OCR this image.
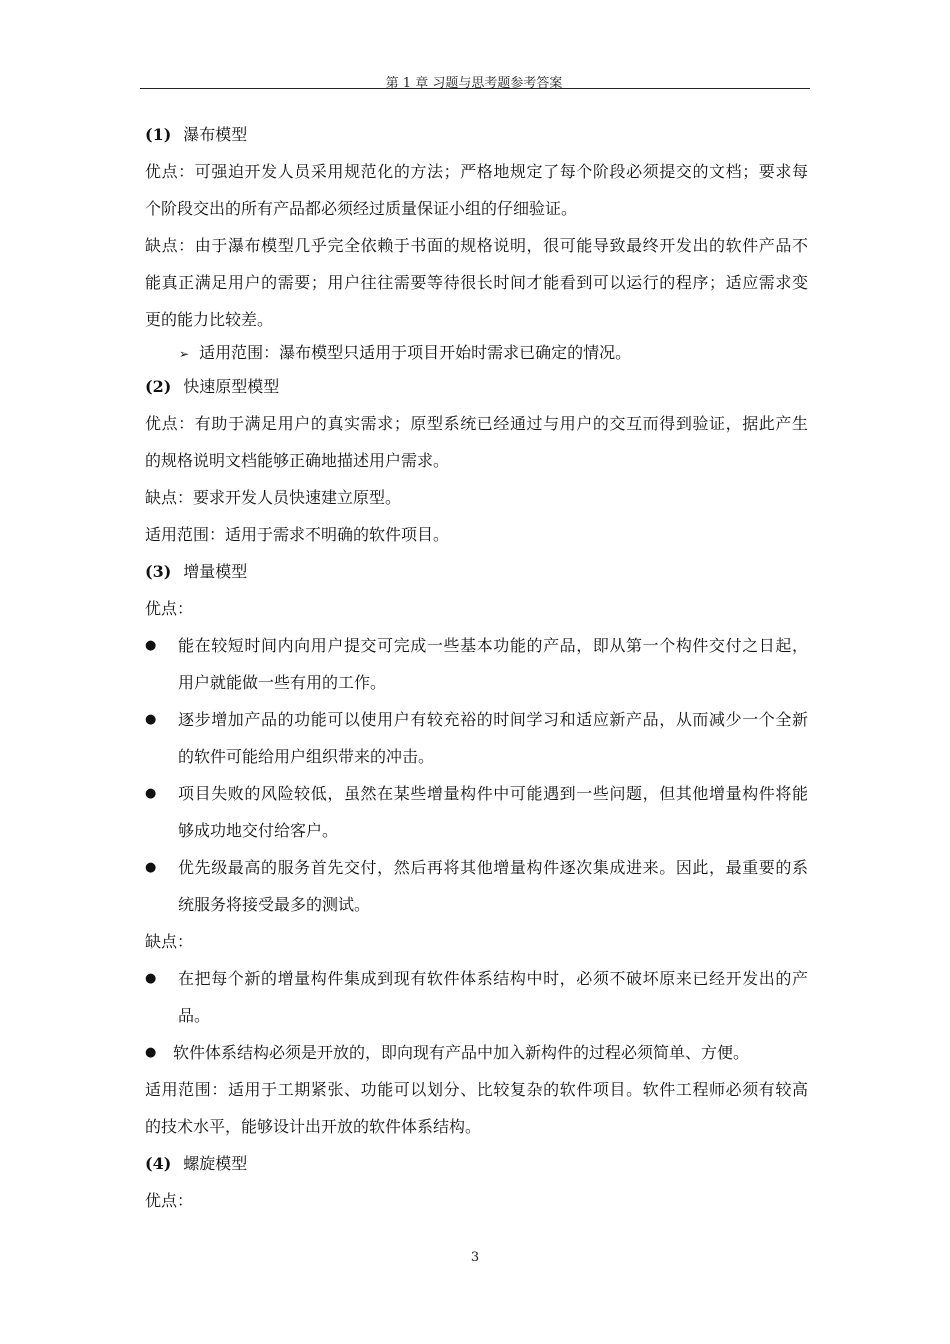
第 1 章 习题与思考题参考答案
(1) 瀑布模型
优点：可强迫开发人员采用规范化的方法；严格地规定了每个阶段必须提交的文档；要求每
个阶段交出的所有产品都必须经过质量保证小组的仔细验证。
缺点：由于瀑布模型几乎完全依赖于书面的规格说明，很可能导致最终开发出的软件产品不
能真正满足用户的需要；用户往往需要等待很长时间才能看到可以运行的程序；适应需求变
更的能力比较差。
➢ 适用范围：瀑布模型只适用于项目开始时需求已确定的情况。
(2) 快速原型模型
优点：有助于满足用户的真实需求；原型系统已经通过与用户的交互而得到验证，据此产生
的规格说明文档能够正确地描述用户需求。
缺点：要求开发人员快速建立原型。
适用范围：适用于需求不明确的软件项目。
(3) 增量模型
优点：
● 能在较短时间内向用户提交可完成一些基本功能的产品，即从第一个构件交付之日起，
用户就能做一些有用的工作。
● 逐步增加产品的功能可以使用户有较充裕的时间学习和适应新产品，从而减少一个全新
的软件可能给用户组织带来的冲击。
● 项目失败的风险较低，虽然在某些增量构件中可能遇到一些问题，但其他增量构件将能
够成功地交付给客户。
● 优先级最高的服务首先交付，然后再将其他增量构件逐次集成进来。因此，最重要的系
统服务将接受最多的测试。
缺点：
● 在把每个新的增量构件集成到现有软件体系结构中时，必须不破坏原来已经开发出的产
品。
● 软件体系结构必须是开放的，即向现有产品中加入新构件的过程必须简单、方便。
适用范围：适用于工期紧张、功能可以划分、比较复杂的软件项目。软件工程师必须有较高
的技术水平，能够设计出开放的软件体系结构。
(4) 螺旋模型
优点：
3
